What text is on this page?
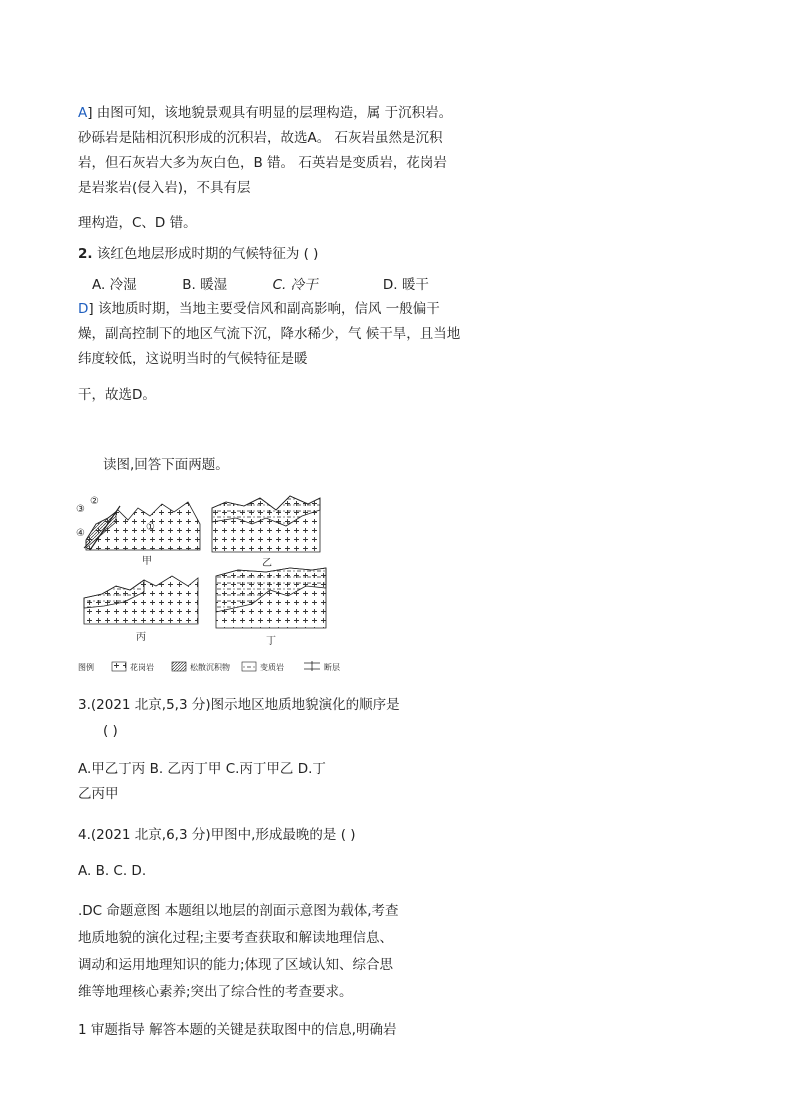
A] 由图可知，该地貌景观具有明显的层理构造，属 于沉积岩。
砂砾岩是陆相沉积形成的沉积岩，故选A。 石灰岩虽然是沉积
岩，但石灰岩大多为灰白色，B 错。 石英岩是变质岩，花岗岩
是岩浆岩(侵入岩)，不具有层
理构造，C、D 错。
2. 该红色地层形成时期的气候特征为 ( )
A. 冷湿	B. 暖湿	C. 冷干	D. 暖干
D] 该地质时期，当地主要受信风和副高影响，信风 一般偏干
燥，副高控制下的地区气流下沉，降水稀少，气 候干旱，且当地
纬度较低，这说明当时的气候特征是暖
干，故选D。
读图,回答下面两题。
②
③
④
①
甲	乙
丙	丁
图例	花岗岩	松散沉积物	变质岩	断层
3.(2021 北京,5,3 分)图示地区地质地貌演化的顺序是
( )
A.甲乙丁丙 B. 乙丙丁甲 C.丙丁甲乙 D.丁
乙丙甲
4.(2021 北京,6,3 分)甲图中,形成最晚的是 ( )
A. B. C. D.
.DC 命题意图 本题组以地层的剖面示意图为载体,考查
地质地貌的演化过程;主要考查获取和解读地理信息、
调动和运用地理知识的能力;体现了区域认知、综合思
维等地理核心素养;突出了综合性的考查要求。
1 审题指导 解答本题的关键是获取图中的信息,明确岩
